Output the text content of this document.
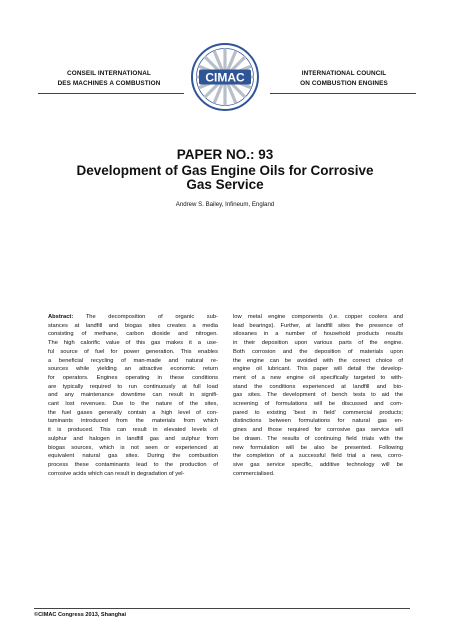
CONSEIL INTERNATIONAL
DES MACHINES A COMBUSTION	CIMAC	INTERNATIONAL COUNCIL
ON COMBUSTION ENGINES
PAPER NO.: 93
Development of Gas Engine Oils for Corrosive
Gas Service
Andrew S. Bailey, Infineum, England
Abstract: The decomposition of organic sub-
stances at landfill and biogas sites creates a media
consisting of methane, carbon dioxide and nitrogen.
The high calorific value of this gas makes it a use-
ful source of fuel for power generation. This enables
a beneficial recycling of man-made and natural re-
sources while yielding an attractive economic return
for operators. Engines operating in these conditions
are typically required to run continuously at full load
and any maintenance downtime can result in signifi-
cant lost revenues. Due to the nature of the sites,
the fuel gases generally contain a high level of con-
taminants introduced from the materials from which
it is produced. This can result in elevated levels of
sulphur and halogen in landfill gas and sulphur from
biogas sources, which is not seen or experienced at
equivalent natural gas sites. During the combustion
process these contaminants lead to the production of
corrosive acids which can result in degradation of yel-
low metal engine components (i.e. copper coolers and
lead bearings). Further, at landfill sites the presence of
siloxanes in a number of household products results
in their deposition upon various parts of the engine.
Both corrosion and the deposition of materials upon
the engine can be avoided with the correct choice of
engine oil lubricant. This paper will detail the develop-
ment of a new engine oil specifically targeted to with-
stand the conditions experienced at landfill and bio-
gas sites. The development of bench tests to aid the
screening of formulations will be discussed and com-
pared to existing 'best in field' commercial products;
distinctions between formulations for natural gas en-
gines and those required for corrosive gas service will
be drawn. The results of continuing field trials with the
new formulation will be also be presented. Following
the completion of a successful field trial a new, corro-
sive gas service specific, additive technology will be
commercialised.
©CIMAC Congress 2013, Shanghai
